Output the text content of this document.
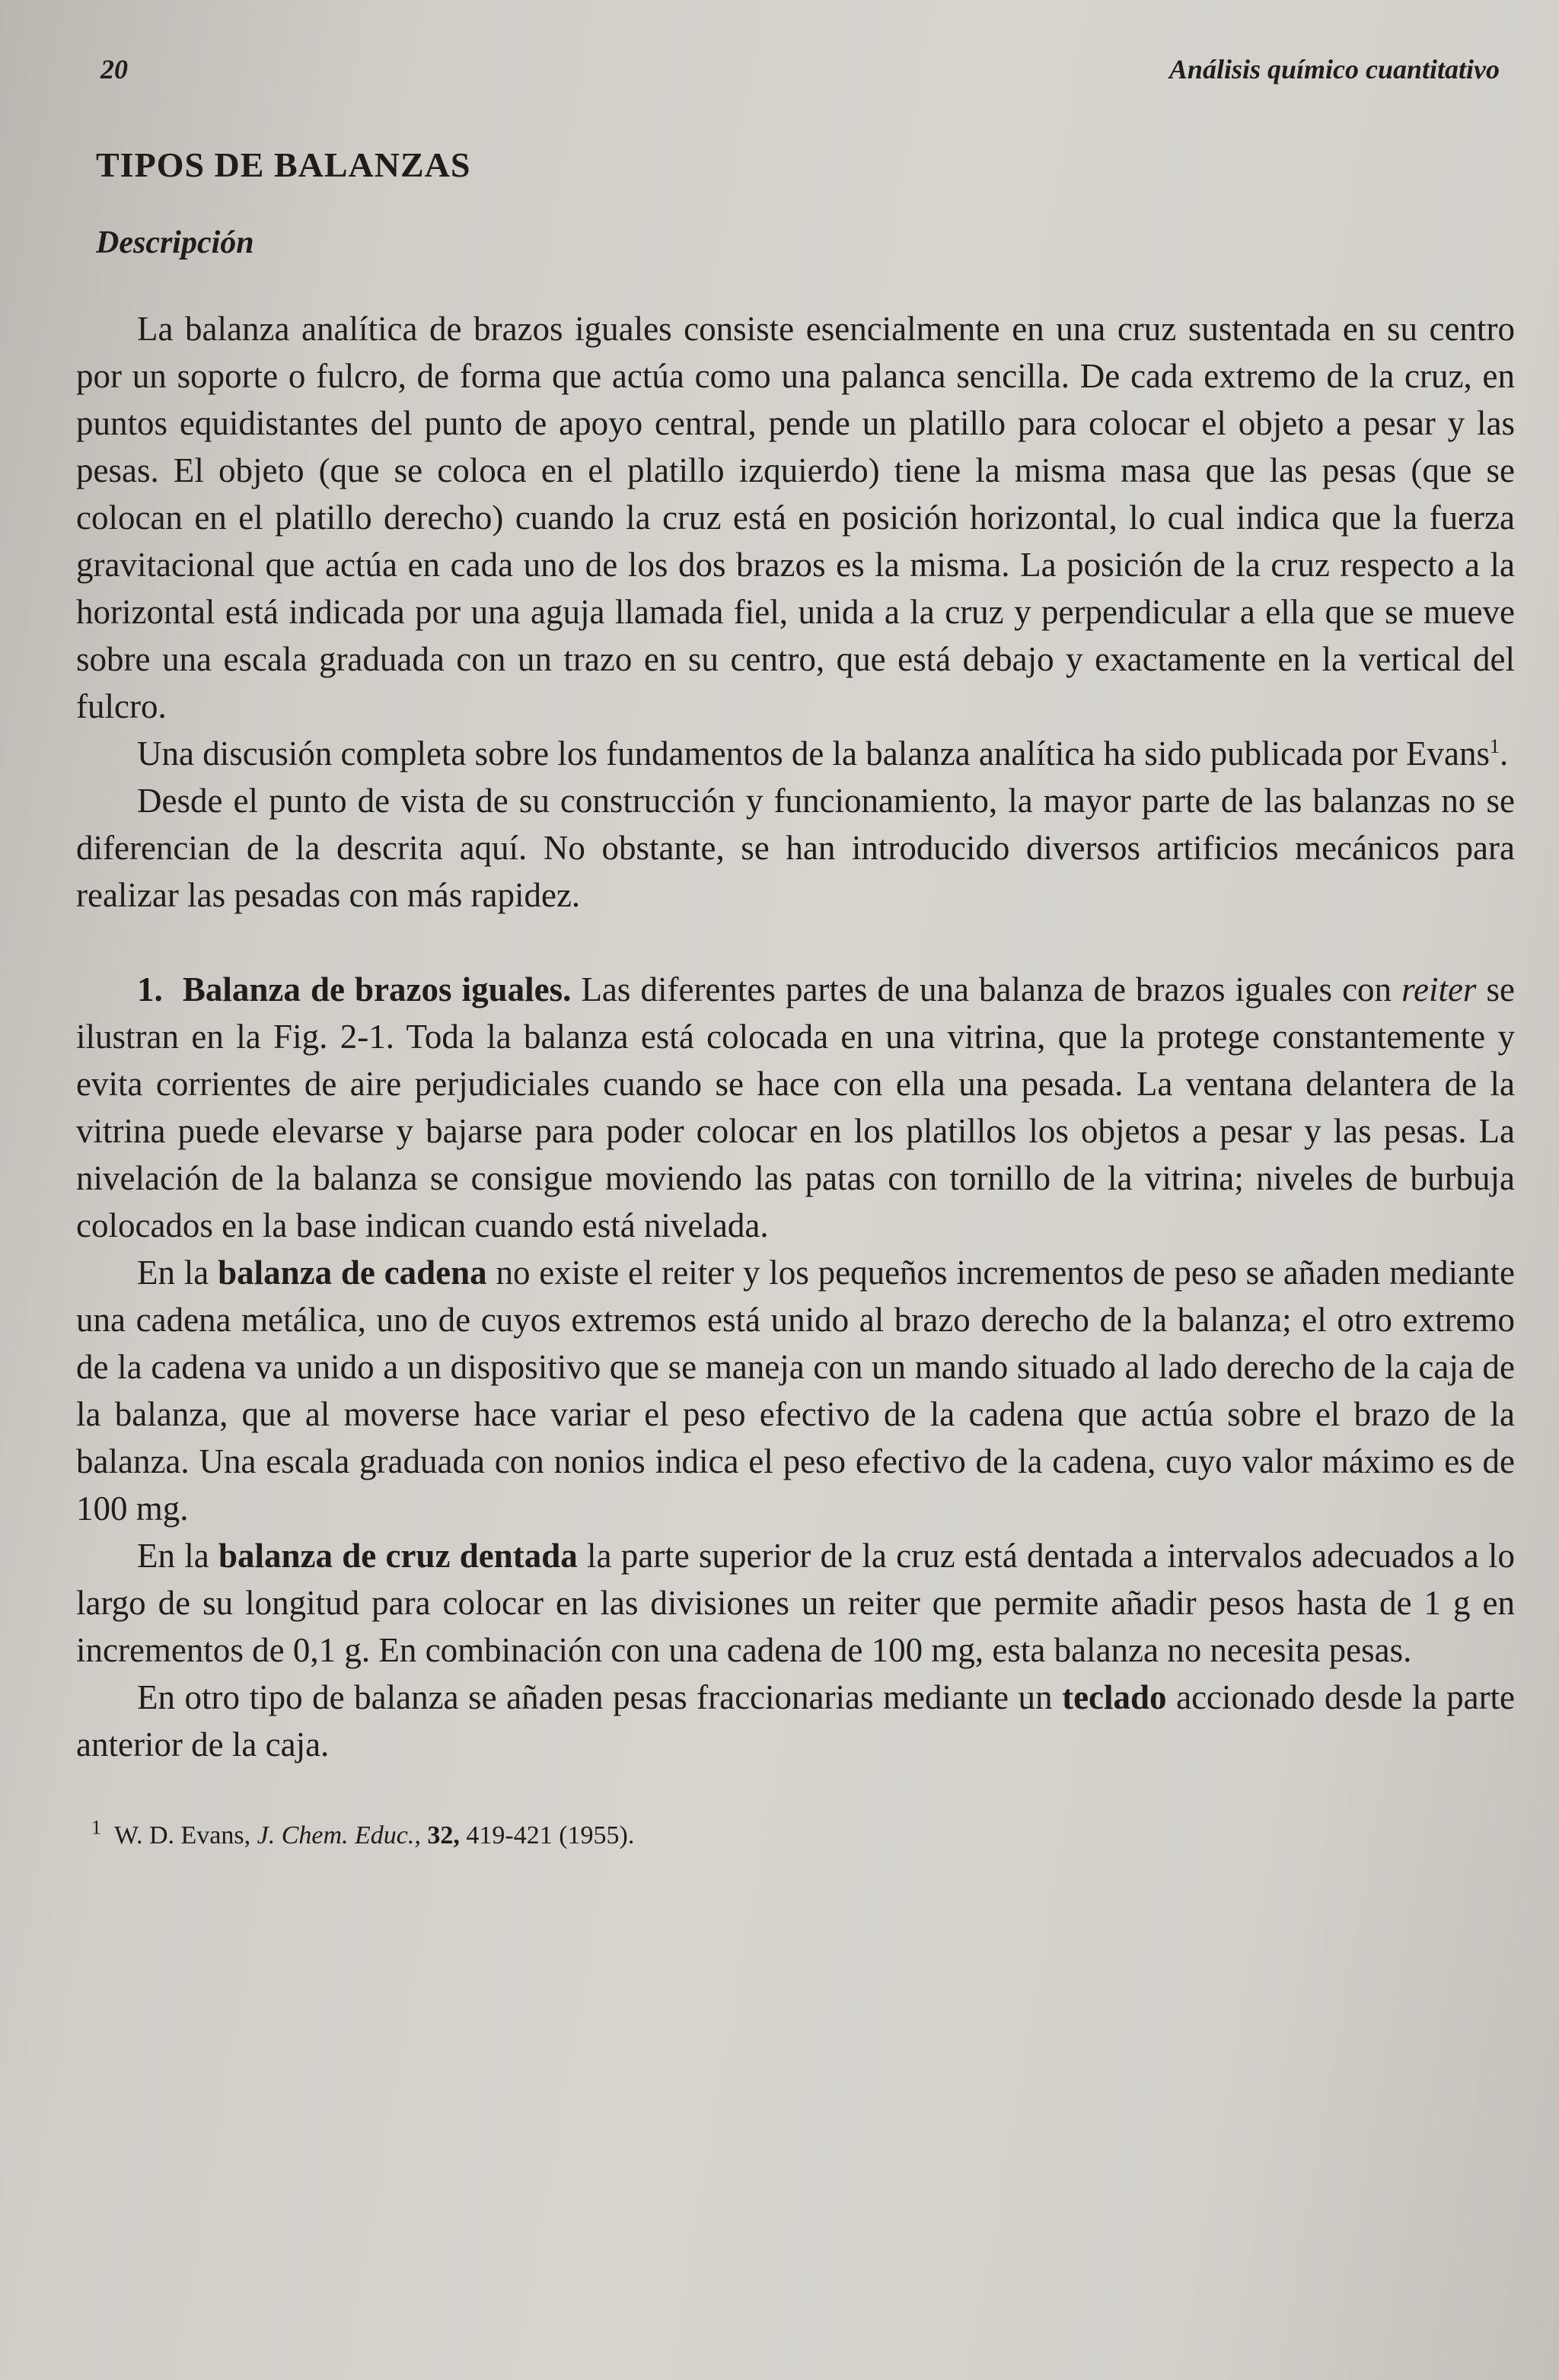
20	Análisis químico cuantitativo
TIPOS DE BALANZAS
Descripción

La balanza analítica de brazos iguales consiste esencialmente en una cruz sustentada en su centro por un soporte o fulcro, de forma que actúa como una palanca sencilla. De cada extremo de la cruz, en puntos equidistantes del punto de apoyo central, pende un platillo para colocar el objeto a pesar y las pesas. El objeto (que se coloca en el platillo izquierdo) tiene la misma masa que las pesas (que se colocan en el platillo derecho) cuando la cruz está en posición horizontal, lo cual indica que la fuerza gravitacional que actúa en cada uno de los dos brazos es la misma. La posición de la cruz respecto a la horizontal está indicada por una aguja llamada fiel, unida a la cruz y perpendicular a ella que se mueve sobre una escala graduada con un trazo en su centro, que está debajo y exactamente en la vertical del fulcro.

Una discusión completa sobre los fundamentos de la balanza analítica ha sido publicada por Evans$^1$.

Desde el punto de vista de su construcción y funcionamiento, la mayor parte de las balanzas no se diferencian de la descrita aquí. No obstante, se han introducido diversos artificios mecánicos para realizar las pesadas con más rapidez.

1. Balanza de brazos iguales. Las diferentes partes de una balanza de brazos iguales con reiter se ilustran en la Fig. 2-1. Toda la balanza está colocada en una vitrina, que la protege constantemente y evita corrientes de aire perjudiciales cuando se hace con ella una pesada. La ventana delantera de la vitrina puede elevarse y bajarse para poder colocar en los platillos los objetos a pesar y las pesas. La nivelación de la balanza se consigue moviendo las patas con tornillo de la vitrina; niveles de burbuja colocados en la base indican cuando está nivelada.

En la balanza de cadena no existe el reiter y los pequeños incrementos de peso se añaden mediante una cadena metálica, uno de cuyos extremos está unido al brazo derecho de la balanza; el otro extremo de la cadena va unido a un dispositivo que se maneja con un mando situado al lado derecho de la caja de la balanza, que al moverse hace variar el peso efectivo de la cadena que actúa sobre el brazo de la balanza. Una escala graduada con nonios indica el peso efectivo de la cadena, cuyo valor máximo es de 100 mg.

En la balanza de cruz dentada la parte superior de la cruz está dentada a intervalos adecuados a lo largo de su longitud para colocar en las divisiones un reiter que permite añadir pesos hasta de 1 g en incrementos de 0,1 g. En combinación con una cadena de 100 mg, esta balanza no necesita pesas.

En otro tipo de balanza se añaden pesas fraccionarias mediante un teclado accionado desde la parte anterior de la caja.

$^1$ W. D. Evans, J. Chem. Educ., 32, 419-421 (1955).
